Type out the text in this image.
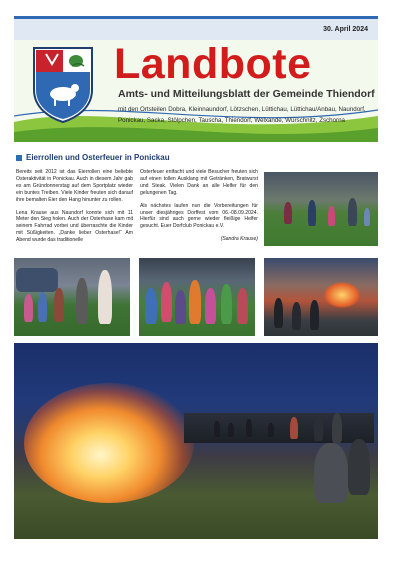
30. April 2024
Landbote
Amts- und Mitteilungsblatt der Gemeinde Thiendorf
mit den Ortsteilen Dobra, Kleinnaundorf, Lötzschen, Lüttichau, Lüttichau/Anbau, Naundorf, Ponickau, Sacka, Stölpchen, Tauscha, Thiendorf, Welxande, Würschnitz, Zschorna
Eierrollen und Osterfeuer in Ponickau

Bereits seit 2012 ist das Eierrollen eine beliebte Osteraktivität in Ponickau. Auch in diesem Jahr gab es am Gründonnerstag auf dem Sportplatz wieder ein buntes Treiben. Viele Kinder freuten sich darauf ihre bemalten Eier den Hang hinunter zu rollen.

Lena Krause aus Naundorf konnte sich mit 11 Meter den Sieg holen. Auch der Osterhase kam mit seinem Fahrrad vorbei und überraschte die Kinder mit Süßigkeiten. „Danke lieber Osterhase!“ Am Abend wurde das traditionelle

Osterfeuer entfacht und viele Besucher freuten sich auf einen tollen Ausklang mit Getränken, Bratwurst und Steak. Vielen Dank an alle Helfer für den gelungenen Tag.

Als nächstes laufen nun die Vorbereitungen für unser diesjähriges Dorffest vom 06.-08.09.2024. Hierfür sind auch gerne wieder fleißige Helfer gesucht. Euer Dorfclub Ponickau e.V.

(Sandra Krause)
